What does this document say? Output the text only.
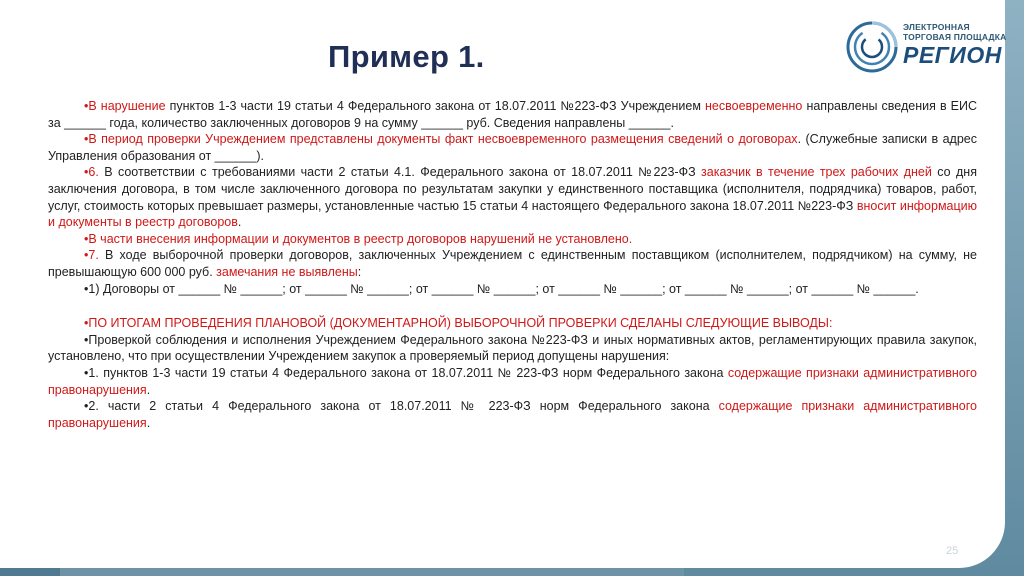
Пример 1.
ЭЛЕКТРОННАЯ
ТОРГОВАЯ ПЛОЩАДКА
РЕГИОН

•В нарушение пунктов 1-3 части 19 статьи 4 Федерального закона от 18.07.2011 №223-ФЗ Учреждением несвоевременно направлены сведения в ЕИС за ______ года, количество заключенных договоров 9 на сумму ______ руб. Сведения направлены ______.

•В период проверки Учреждением представлены документы факт несвоевременного размещения сведений о договорах. (Служебные записки в адрес Управления образования от ______).

•6. В соответствии с требованиями части 2 статьи 4.1. Федерального закона от 18.07.2011 №223-ФЗ заказчик в течение трех рабочих дней со дня заключения договора, в том числе заключенного договора по результатам закупки у единственного поставщика (исполнителя, подрядчика) товаров, работ, услуг, стоимость которых превышает размеры, установленные частью 15 статьи 4 настоящего Федерального закона 18.07.2011 №223-ФЗ вносит информацию и документы в реестр договоров.

•В части внесения информации и документов в реестр договоров нарушений не установлено.

•7. В ходе выборочной проверки договоров, заключенных Учреждением с единственным поставщиком (исполнителем, подрядчиком) на сумму, не превышающую 600 000 руб. замечания не выявлены:

•1) Договоры от ______ № ______; от ______ № ______; от ______ № ______; от ______ № ______; от ______ № ______; от ______ № ______.

•ПО ИТОГАМ ПРОВЕДЕНИЯ ПЛАНОВОЙ (ДОКУМЕНТАРНОЙ) ВЫБОРОЧНОЙ ПРОВЕРКИ СДЕЛАНЫ СЛЕДУЮЩИЕ ВЫВОДЫ:

•Проверкой соблюдения и исполнения Учреждением Федерального закона №223-ФЗ и иных нормативных актов, регламентирующих правила закупок, установлено, что при осуществлении Учреждением закупок а проверяемый период допущены нарушения:

•1. пунктов 1-3 части 19 статьи 4 Федерального закона от 18.07.2011 № 223-ФЗ норм Федерального закона содержащие признаки административного правонарушения.

•2. части 2 статьи 4 Федерального закона от 18.07.2011 № 223-ФЗ норм Федерального закона содержащие признаки административного правонарушения.

25
